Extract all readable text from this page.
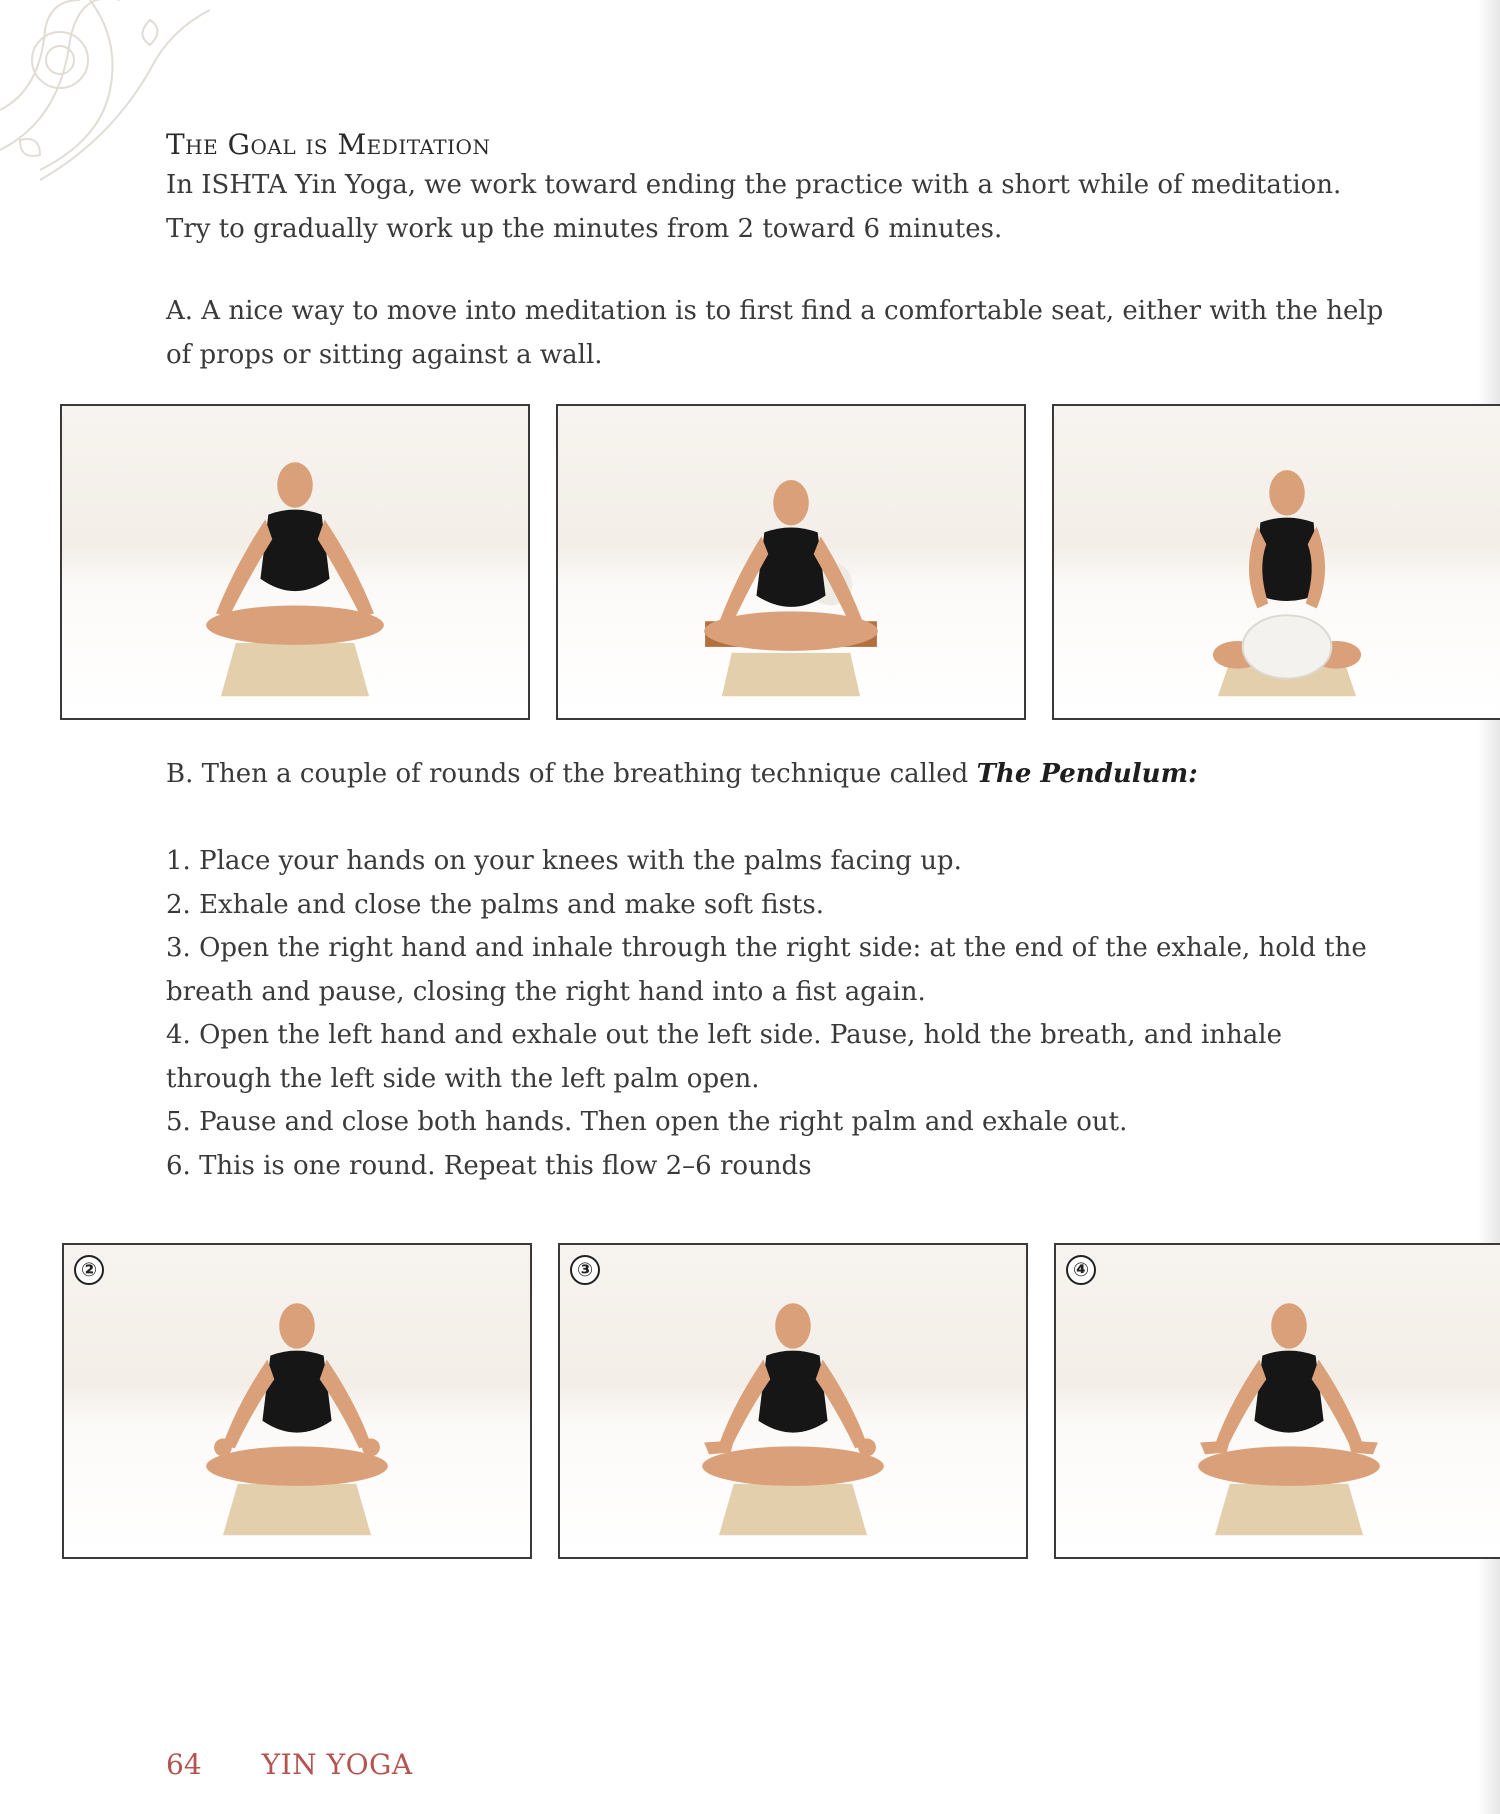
The Goal is Meditation
In ISHTA Yin Yoga, we work toward ending the practice with a short while of meditation. Try to gradually work up the minutes from 2 toward 6 minutes.
A. A nice way to move into meditation is to first find a comfortable seat, either with the help of props or sitting against a wall.
B. Then a couple of rounds of the breathing technique called The Pendulum:
1. Place your hands on your knees with the palms facing up.
2. Exhale and close the palms and make soft fists.
3. Open the right hand and inhale through the right side: at the end of the exhale, hold the breath and pause, closing the right hand into a fist again.
4. Open the left hand and exhale out the left side. Pause, hold the breath, and inhale through the left side with the left palm open.
5. Pause and close both hands. Then open the right palm and exhale out.
6. This is one round. Repeat this flow 2–6 rounds
②	③	④
64 YIN YOGA
